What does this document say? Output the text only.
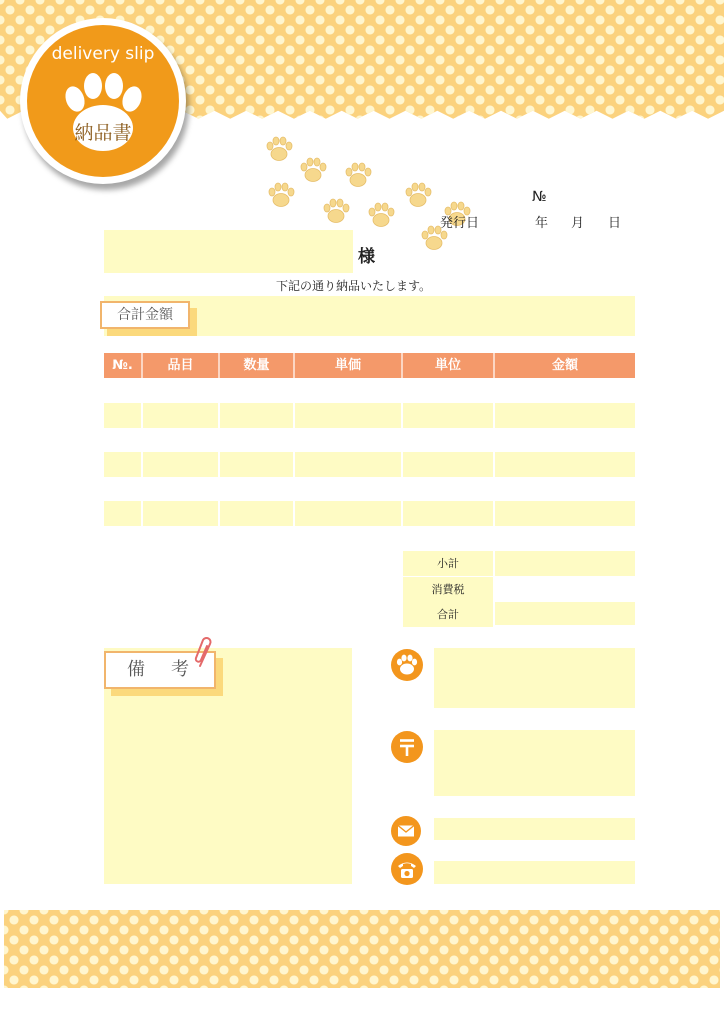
delivery slip
納品書
№
発行日	年 月 日
様
下記の通り納品いたします。
合計金額
№.	品目	数量	単価	単位	金額
小計
消費税
合計
備　考
